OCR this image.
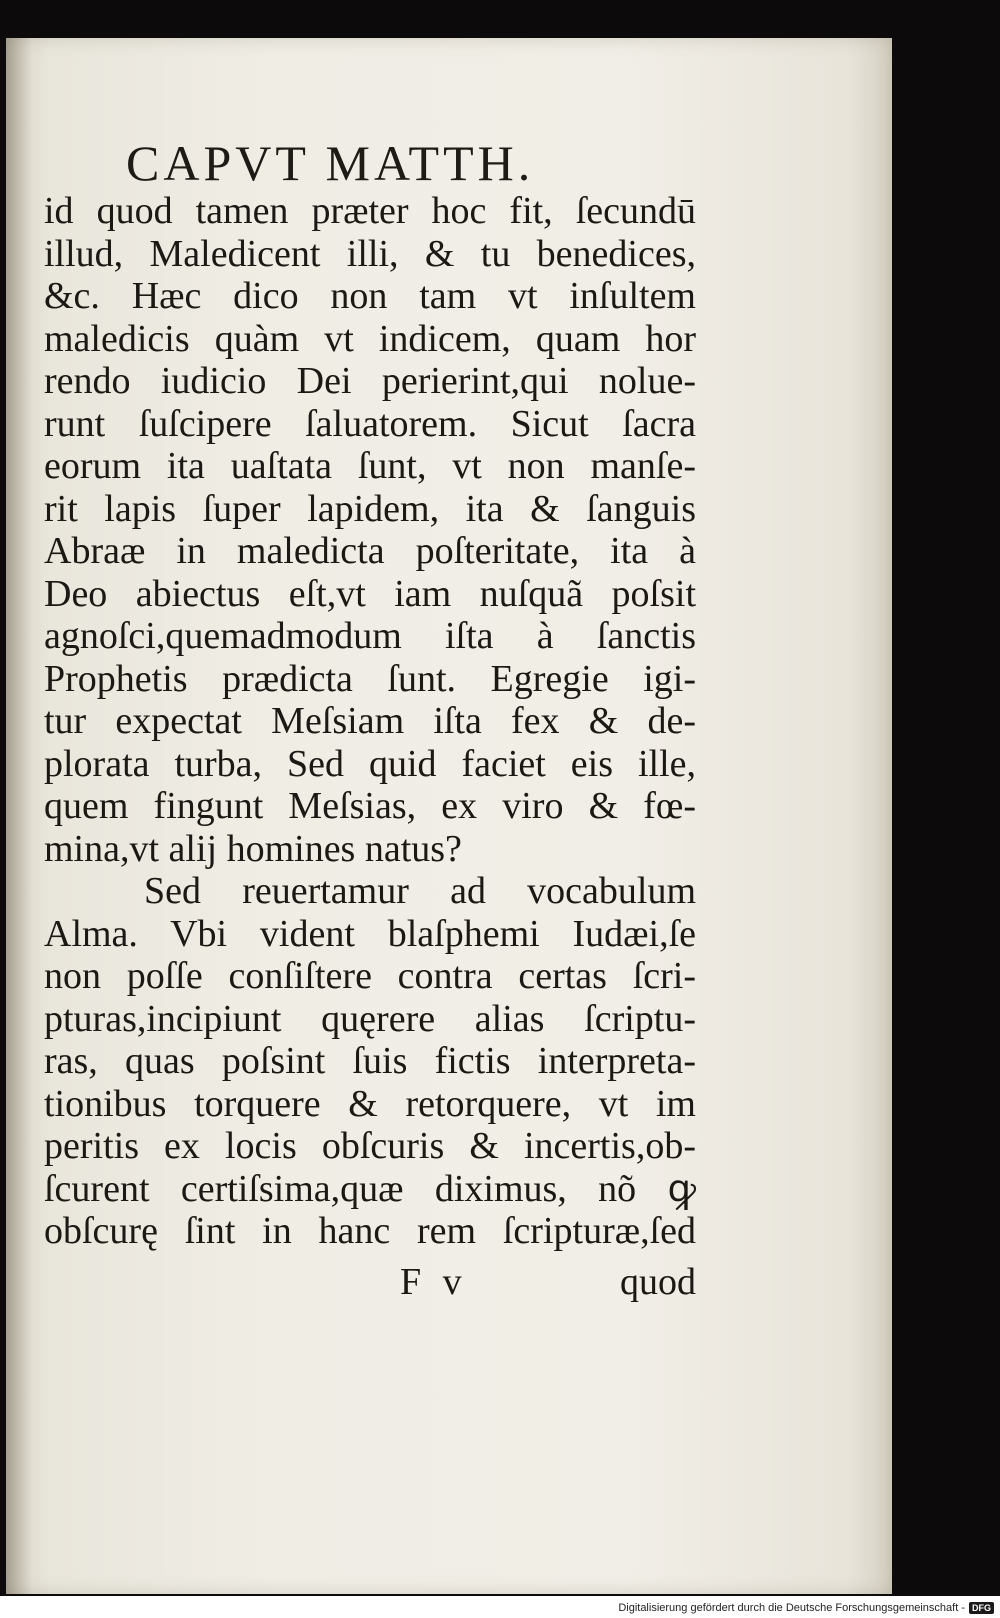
CAPVT MATTH.
id quod tamen præter hoc fit, ſecundū
illud, Maledicent illi, & tu benedices,
&c. Hæc dico non tam vt inſultem
maledicis quàm vt indicem, quam hor
rendo iudicio Dei perierint,qui nolue-
runt ſuſcipere ſaluatorem. Sicut ſacra
eorum ita uaſtata ſunt, vt non manſe-
rit lapis ſuper lapidem, ita & ſanguis
Abraæ in maledicta poſteritate, ita à
Deo abiectus eſt,vt iam nuſquã poſsit
agnoſci,quemadmodum iſta à ſanctis
Prophetis prædicta ſunt. Egregie igi-
tur expectat Meſsiam iſta fex & de-
plorata turba, Sed quid faciet eis ille,
quem fingunt Meſsias, ex viro & fœ-
mina,vt alij homines natus?
Sed reuertamur ad vocabulum
Alma. Vbi vident blaſphemi Iudæi,ſe
non poſſe conſiſtere contra certas ſcri-
pturas,incipiunt quęrere alias ſcriptu-
ras, quas poſsint ſuis fictis interpreta-
tionibus torquere & retorquere, vt im
peritis ex locis obſcuris & incertis,ob-
ſcurent certiſsima,quæ diximus, nõ ꝙ
obſcurę ſint in hanc rem ſcripturæ,ſed
F v	quod
Digitalisierung gefördert durch die Deutsche Forschungsgemeinschaft - DFG
